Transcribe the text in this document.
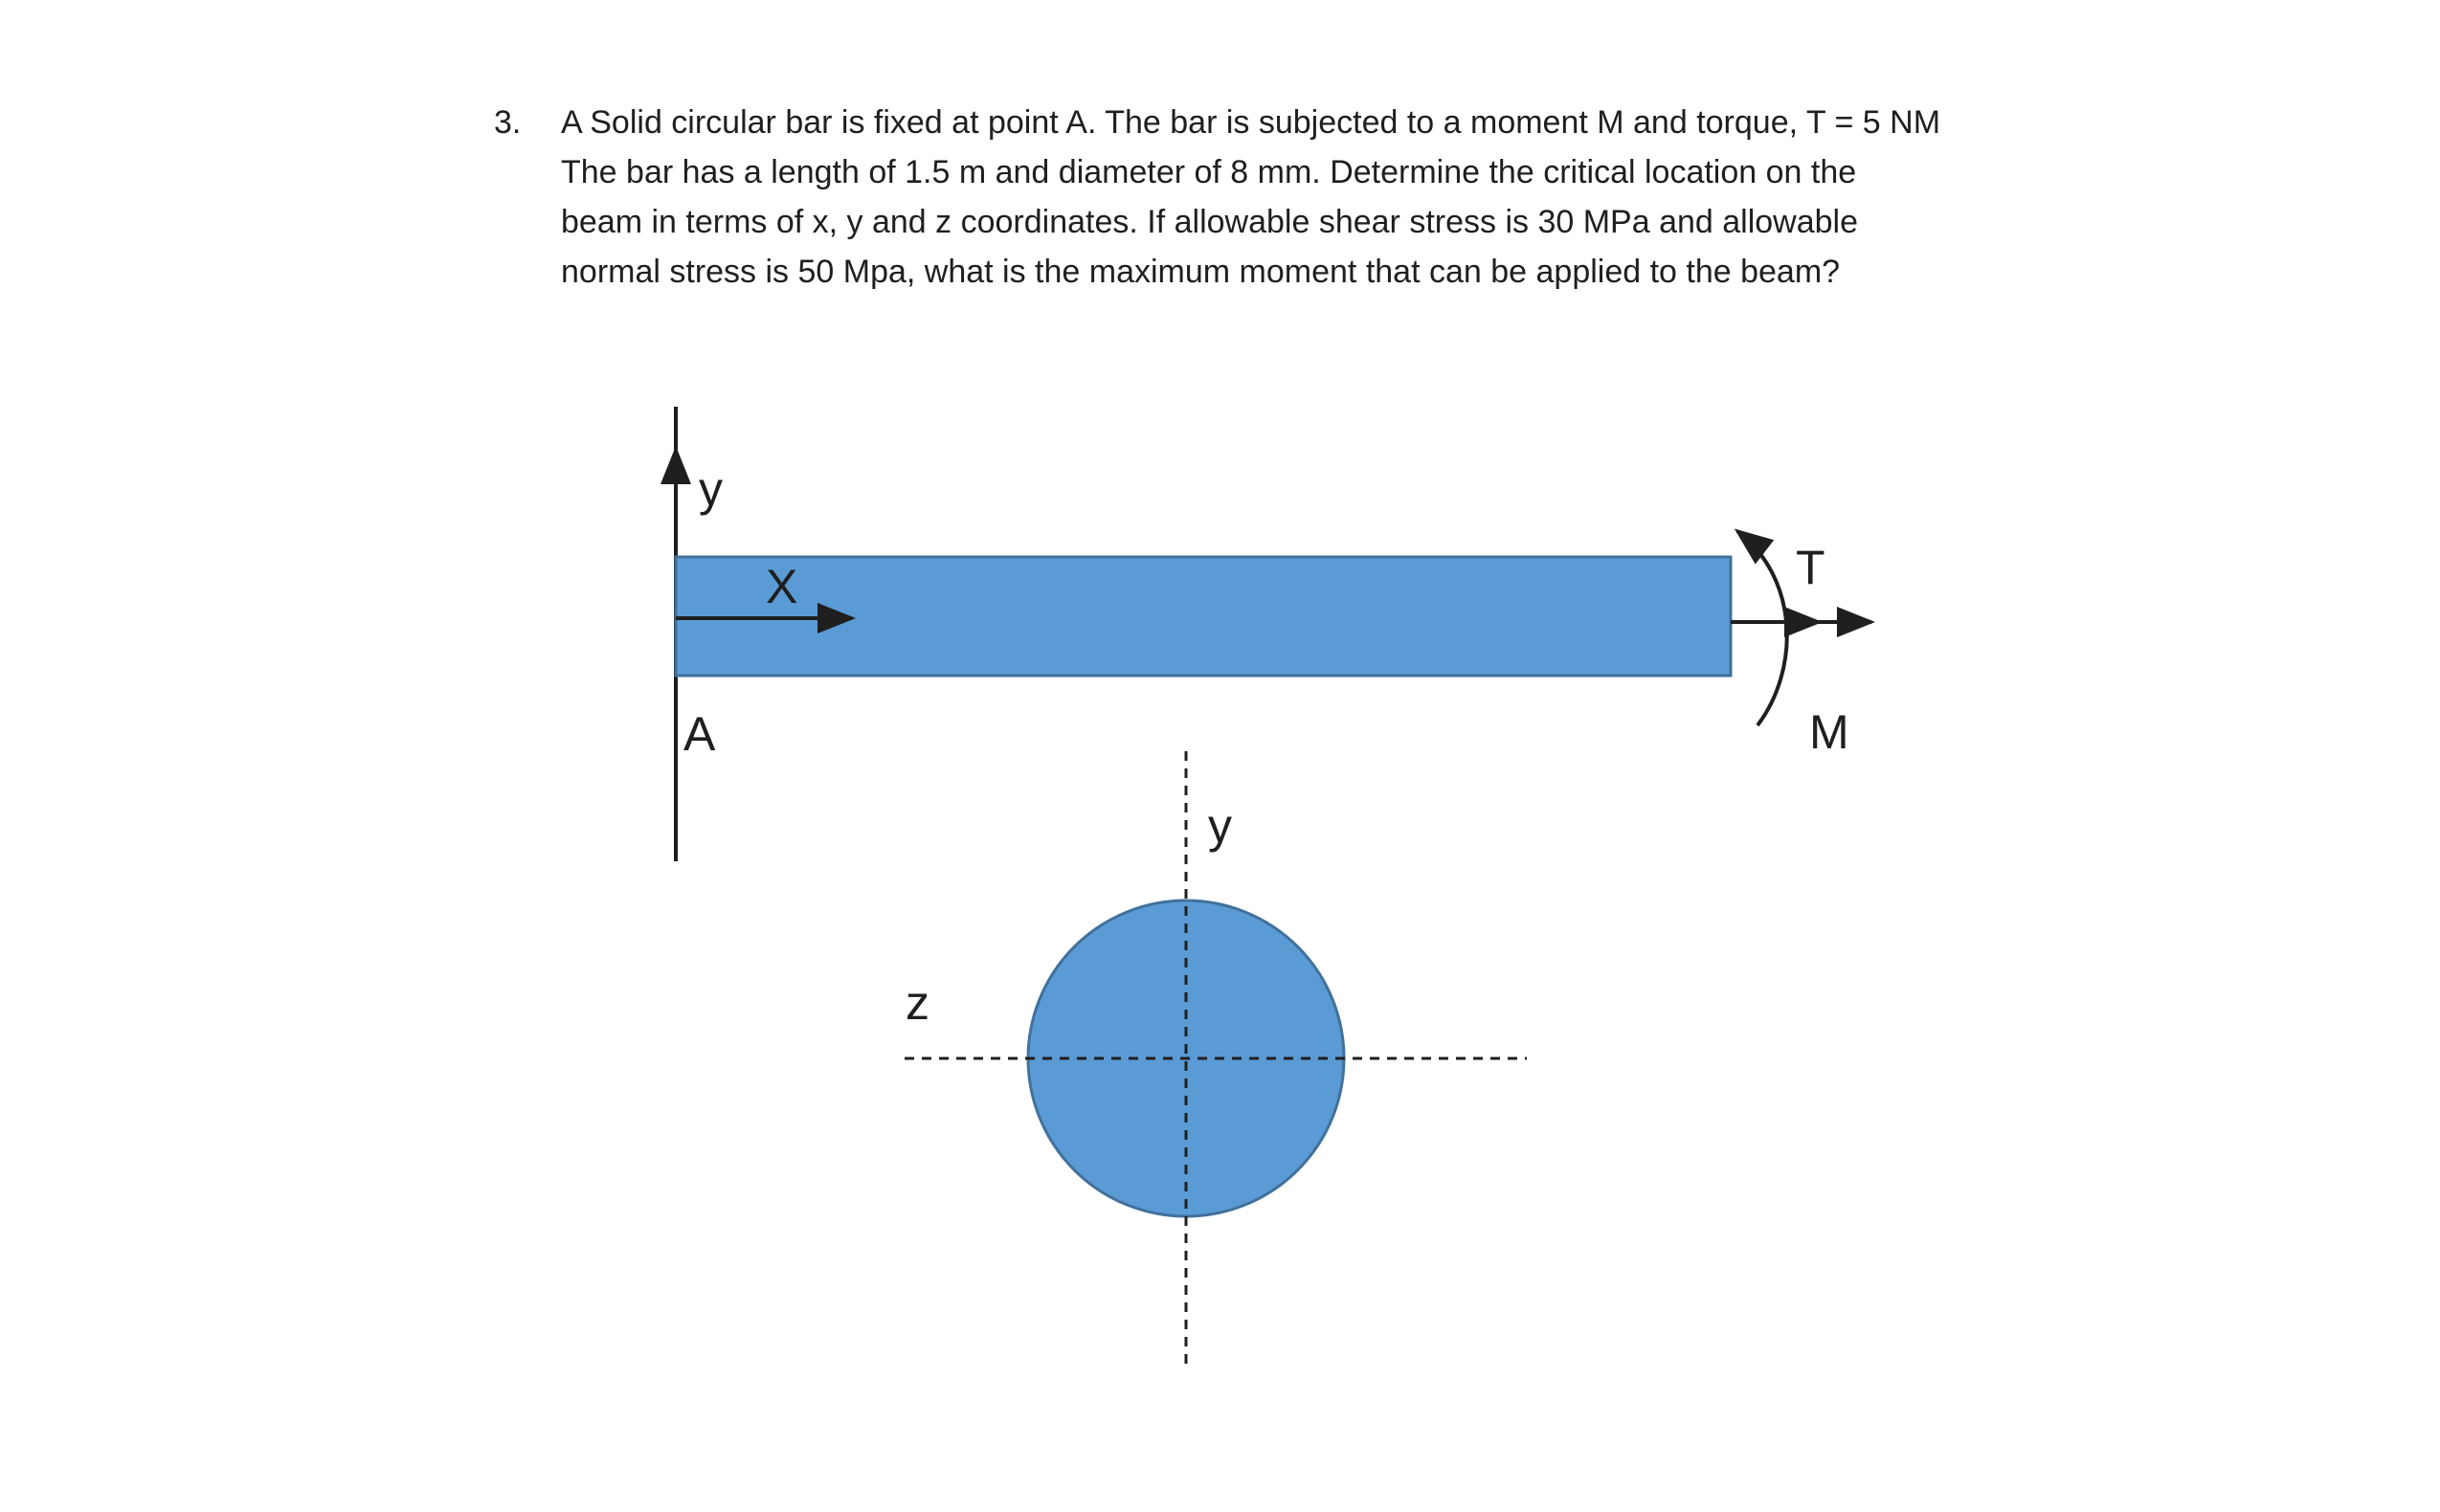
3. A Solid circular bar is fixed at point A. The bar is subjected to a moment M and torque, T = 5 NM
The bar has a length of 1.5 m and diameter of 8 mm. Determine the critical location on the
beam in terms of x, y and z coordinates. If allowable shear stress is 30 MPa and allowable
normal stress is 50 Mpa, what is the maximum moment that can be applied to the beam?
y
X
A
T
M
y
z
